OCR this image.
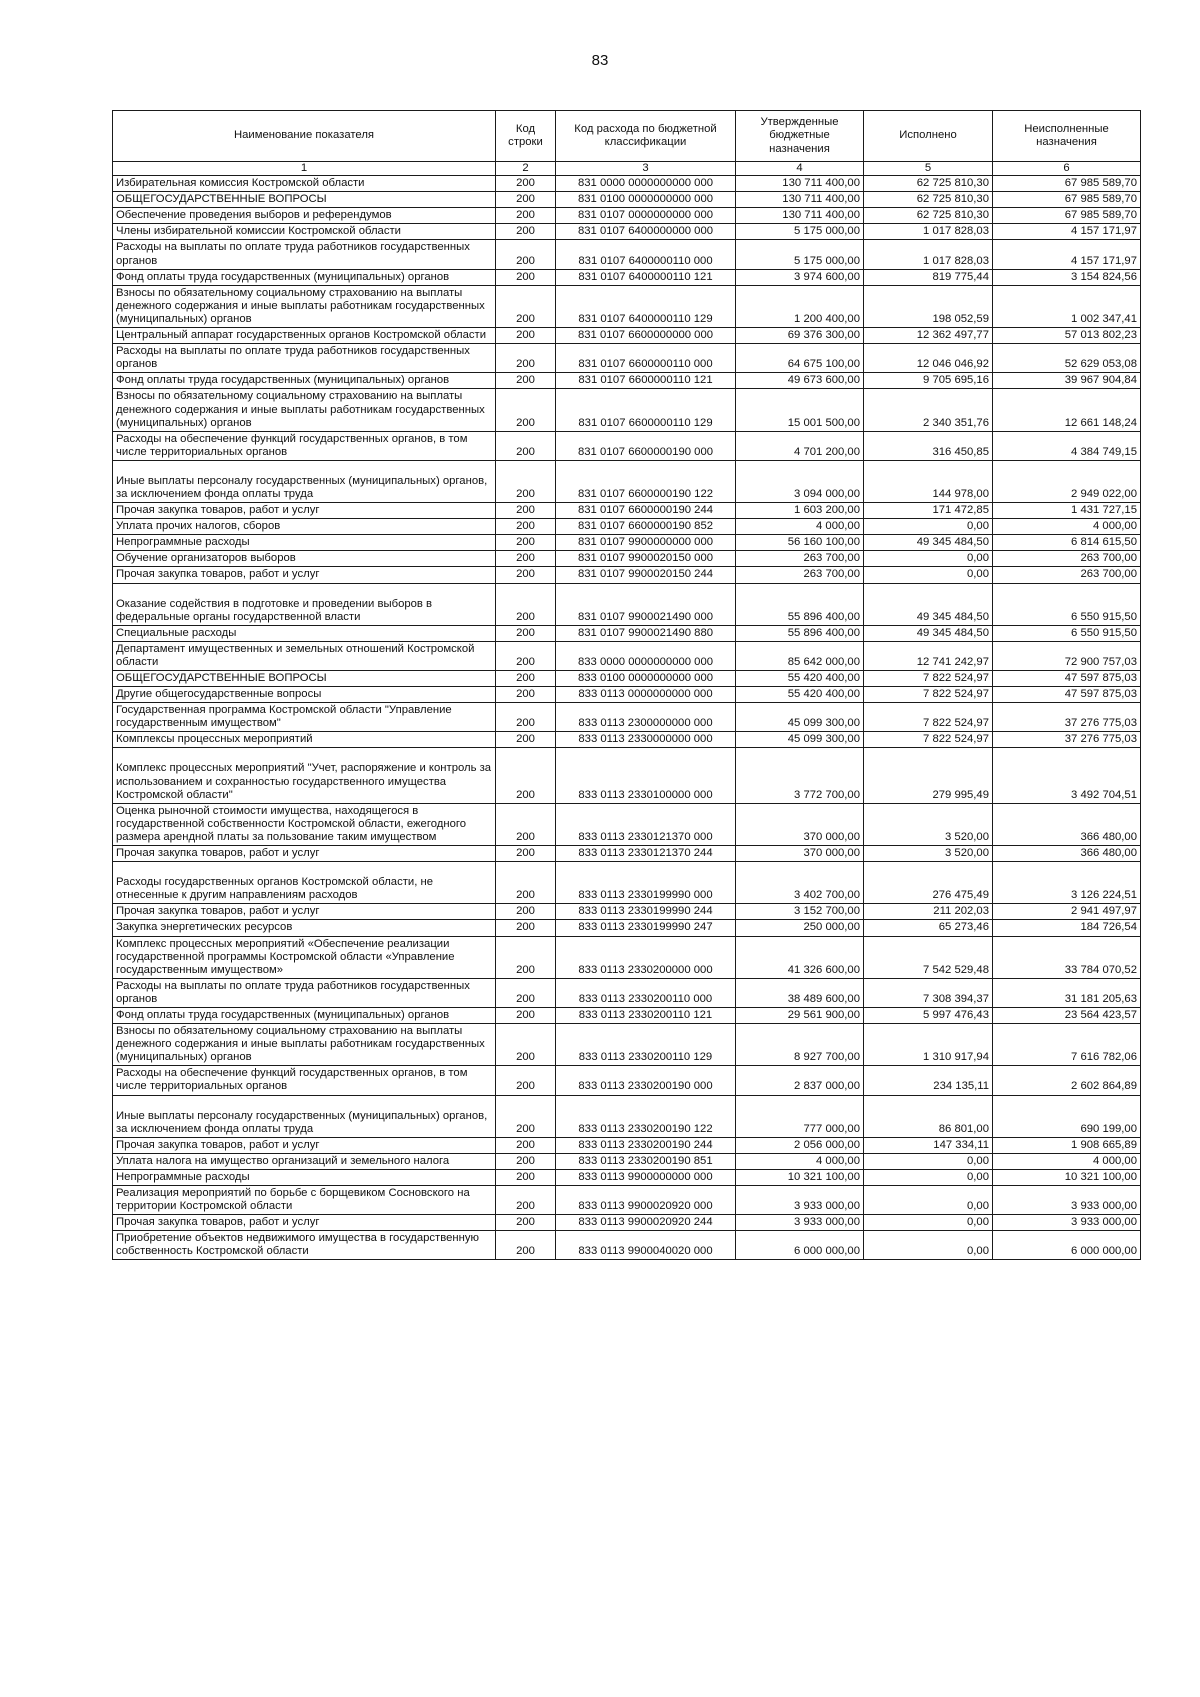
83
Наименование показателя	Код строки	Код расхода по бюджетной классификации	Утвержденные бюджетные назначения	Исполнено	Неисполненные назначения
1	2	3	4	5	6
Избирательная комиссия Костромской области	200	831 0000 0000000000 000	130 711 400,00	62 725 810,30	67 985 589,70
ОБЩЕГОСУДАРСТВЕННЫЕ ВОПРОСЫ	200	831 0100 0000000000 000	130 711 400,00	62 725 810,30	67 985 589,70
Обеспечение проведения выборов и референдумов	200	831 0107 0000000000 000	130 711 400,00	62 725 810,30	67 985 589,70
Члены избирательной комиссии Костромской области	200	831 0107 6400000000 000	5 175 000,00	1 017 828,03	4 157 171,97
Расходы на выплаты по оплате труда работников государственных органов	200	831 0107 6400000110 000	5 175 000,00	1 017 828,03	4 157 171,97
Фонд оплаты труда государственных (муниципальных) органов	200	831 0107 6400000110 121	3 974 600,00	819 775,44	3 154 824,56
Взносы по обязательному социальному страхованию на выплаты денежного содержания и иные выплаты работникам государственных (муниципальных) органов	200	831 0107 6400000110 129	1 200 400,00	198 052,59	1 002 347,41
Центральный аппарат государственных органов Костромской области	200	831 0107 6600000000 000	69 376 300,00	12 362 497,77	57 013 802,23
Расходы на выплаты по оплате труда работников государственных органов	200	831 0107 6600000110 000	64 675 100,00	12 046 046,92	52 629 053,08
Фонд оплаты труда государственных (муниципальных) органов	200	831 0107 6600000110 121	49 673 600,00	9 705 695,16	39 967 904,84
Взносы по обязательному социальному страхованию на выплаты денежного содержания и иные выплаты работникам государственных (муниципальных) органов	200	831 0107 6600000110 129	15 001 500,00	2 340 351,76	12 661 148,24
Расходы на обеспечение функций государственных органов, в том числе территориальных органов	200	831 0107 6600000190 000	4 701 200,00	316 450,85	4 384 749,15
Иные выплаты персоналу государственных (муниципальных) органов, за исключением фонда оплаты труда	200	831 0107 6600000190 122	3 094 000,00	144 978,00	2 949 022,00
Прочая закупка товаров, работ и услуг	200	831 0107 6600000190 244	1 603 200,00	171 472,85	1 431 727,15
Уплата прочих налогов, сборов	200	831 0107 6600000190 852	4 000,00	0,00	4 000,00
Непрограммные расходы	200	831 0107 9900000000 000	56 160 100,00	49 345 484,50	6 814 615,50
Обучение организаторов выборов	200	831 0107 9900020150 000	263 700,00	0,00	263 700,00
Прочая закупка товаров, работ и услуг	200	831 0107 9900020150 244	263 700,00	0,00	263 700,00
Оказание содействия в подготовке и проведении выборов в федеральные органы государственной власти	200	831 0107 9900021490 000	55 896 400,00	49 345 484,50	6 550 915,50
Специальные расходы	200	831 0107 9900021490 880	55 896 400,00	49 345 484,50	6 550 915,50
Департамент имущественных и земельных отношений Костромской области	200	833 0000 0000000000 000	85 642 000,00	12 741 242,97	72 900 757,03
ОБЩЕГОСУДАРСТВЕННЫЕ ВОПРОСЫ	200	833 0100 0000000000 000	55 420 400,00	7 822 524,97	47 597 875,03
Другие общегосударственные вопросы	200	833 0113 0000000000 000	55 420 400,00	7 822 524,97	47 597 875,03
Государственная программа Костромской области "Управление государственным имуществом"	200	833 0113 2300000000 000	45 099 300,00	7 822 524,97	37 276 775,03
Комплексы процессных мероприятий	200	833 0113 2330000000 000	45 099 300,00	7 822 524,97	37 276 775,03
Комплекс процессных мероприятий "Учет, распоряжение и контроль за использованием и сохранностью государственного имущества Костромской области"	200	833 0113 2330100000 000	3 772 700,00	279 995,49	3 492 704,51
Оценка рыночной стоимости имущества, находящегося в государственной собственности Костромской области, ежегодного размера арендной платы за пользование таким имуществом	200	833 0113 2330121370 000	370 000,00	3 520,00	366 480,00
Прочая закупка товаров, работ и услуг	200	833 0113 2330121370 244	370 000,00	3 520,00	366 480,00
Расходы государственных органов Костромской области, не отнесенные к другим направлениям расходов	200	833 0113 2330199990 000	3 402 700,00	276 475,49	3 126 224,51
Прочая закупка товаров, работ и услуг	200	833 0113 2330199990 244	3 152 700,00	211 202,03	2 941 497,97
Закупка энергетических ресурсов	200	833 0113 2330199990 247	250 000,00	65 273,46	184 726,54
Комплекс процессных мероприятий «Обеспечение реализации государственной программы Костромской области «Управление государственным имуществом»	200	833 0113 2330200000 000	41 326 600,00	7 542 529,48	33 784 070,52
Расходы на выплаты по оплате труда работников государственных органов	200	833 0113 2330200110 000	38 489 600,00	7 308 394,37	31 181 205,63
Фонд оплаты труда государственных (муниципальных) органов	200	833 0113 2330200110 121	29 561 900,00	5 997 476,43	23 564 423,57
Взносы по обязательному социальному страхованию на выплаты денежного содержания и иные выплаты работникам государственных (муниципальных) органов	200	833 0113 2330200110 129	8 927 700,00	1 310 917,94	7 616 782,06
Расходы на обеспечение функций государственных органов, в том числе территориальных органов	200	833 0113 2330200190 000	2 837 000,00	234 135,11	2 602 864,89
Иные выплаты персоналу государственных (муниципальных) органов, за исключением фонда оплаты труда	200	833 0113 2330200190 122	777 000,00	86 801,00	690 199,00
Прочая закупка товаров, работ и услуг	200	833 0113 2330200190 244	2 056 000,00	147 334,11	1 908 665,89
Уплата налога на имущество организаций и земельного налога	200	833 0113 2330200190 851	4 000,00	0,00	4 000,00
Непрограммные расходы	200	833 0113 9900000000 000	10 321 100,00	0,00	10 321 100,00
Реализация мероприятий по борьбе с борщевиком Сосновского на территории Костромской области	200	833 0113 9900020920 000	3 933 000,00	0,00	3 933 000,00
Прочая закупка товаров, работ и услуг	200	833 0113 9900020920 244	3 933 000,00	0,00	3 933 000,00
Приобретение объектов недвижимого имущества в государственную собственность Костромской области	200	833 0113 9900040020 000	6 000 000,00	0,00	6 000 000,00
